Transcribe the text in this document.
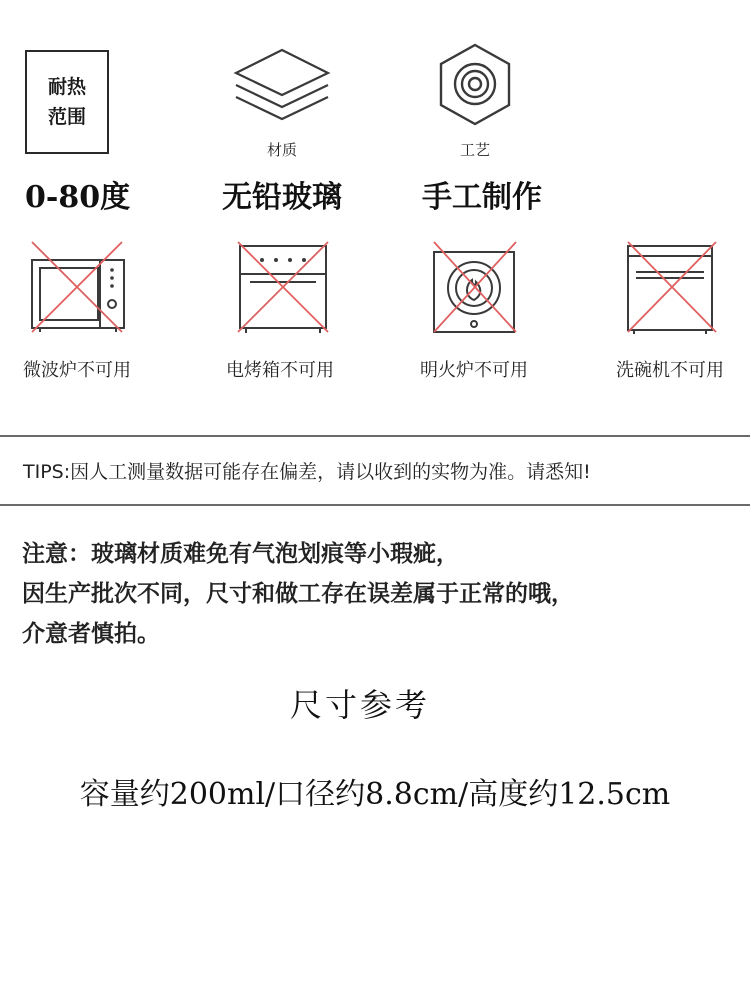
耐热
范围
材质	工艺
0-80度	无铅玻璃	手工制作
微波炉不可用	电烤箱不可用	明火炉不可用	洗碗机不可用
TIPS:因人工测量数据可能存在偏差，请以收到的实物为准。请悉知!
注意：玻璃材质难免有气泡划痕等小瑕疵，
因生产批次不同，尺寸和做工存在误差属于正常的哦，
介意者慎拍。
尺寸参考
容量约200ml/口径约8.8cm/高度约12.5cm
